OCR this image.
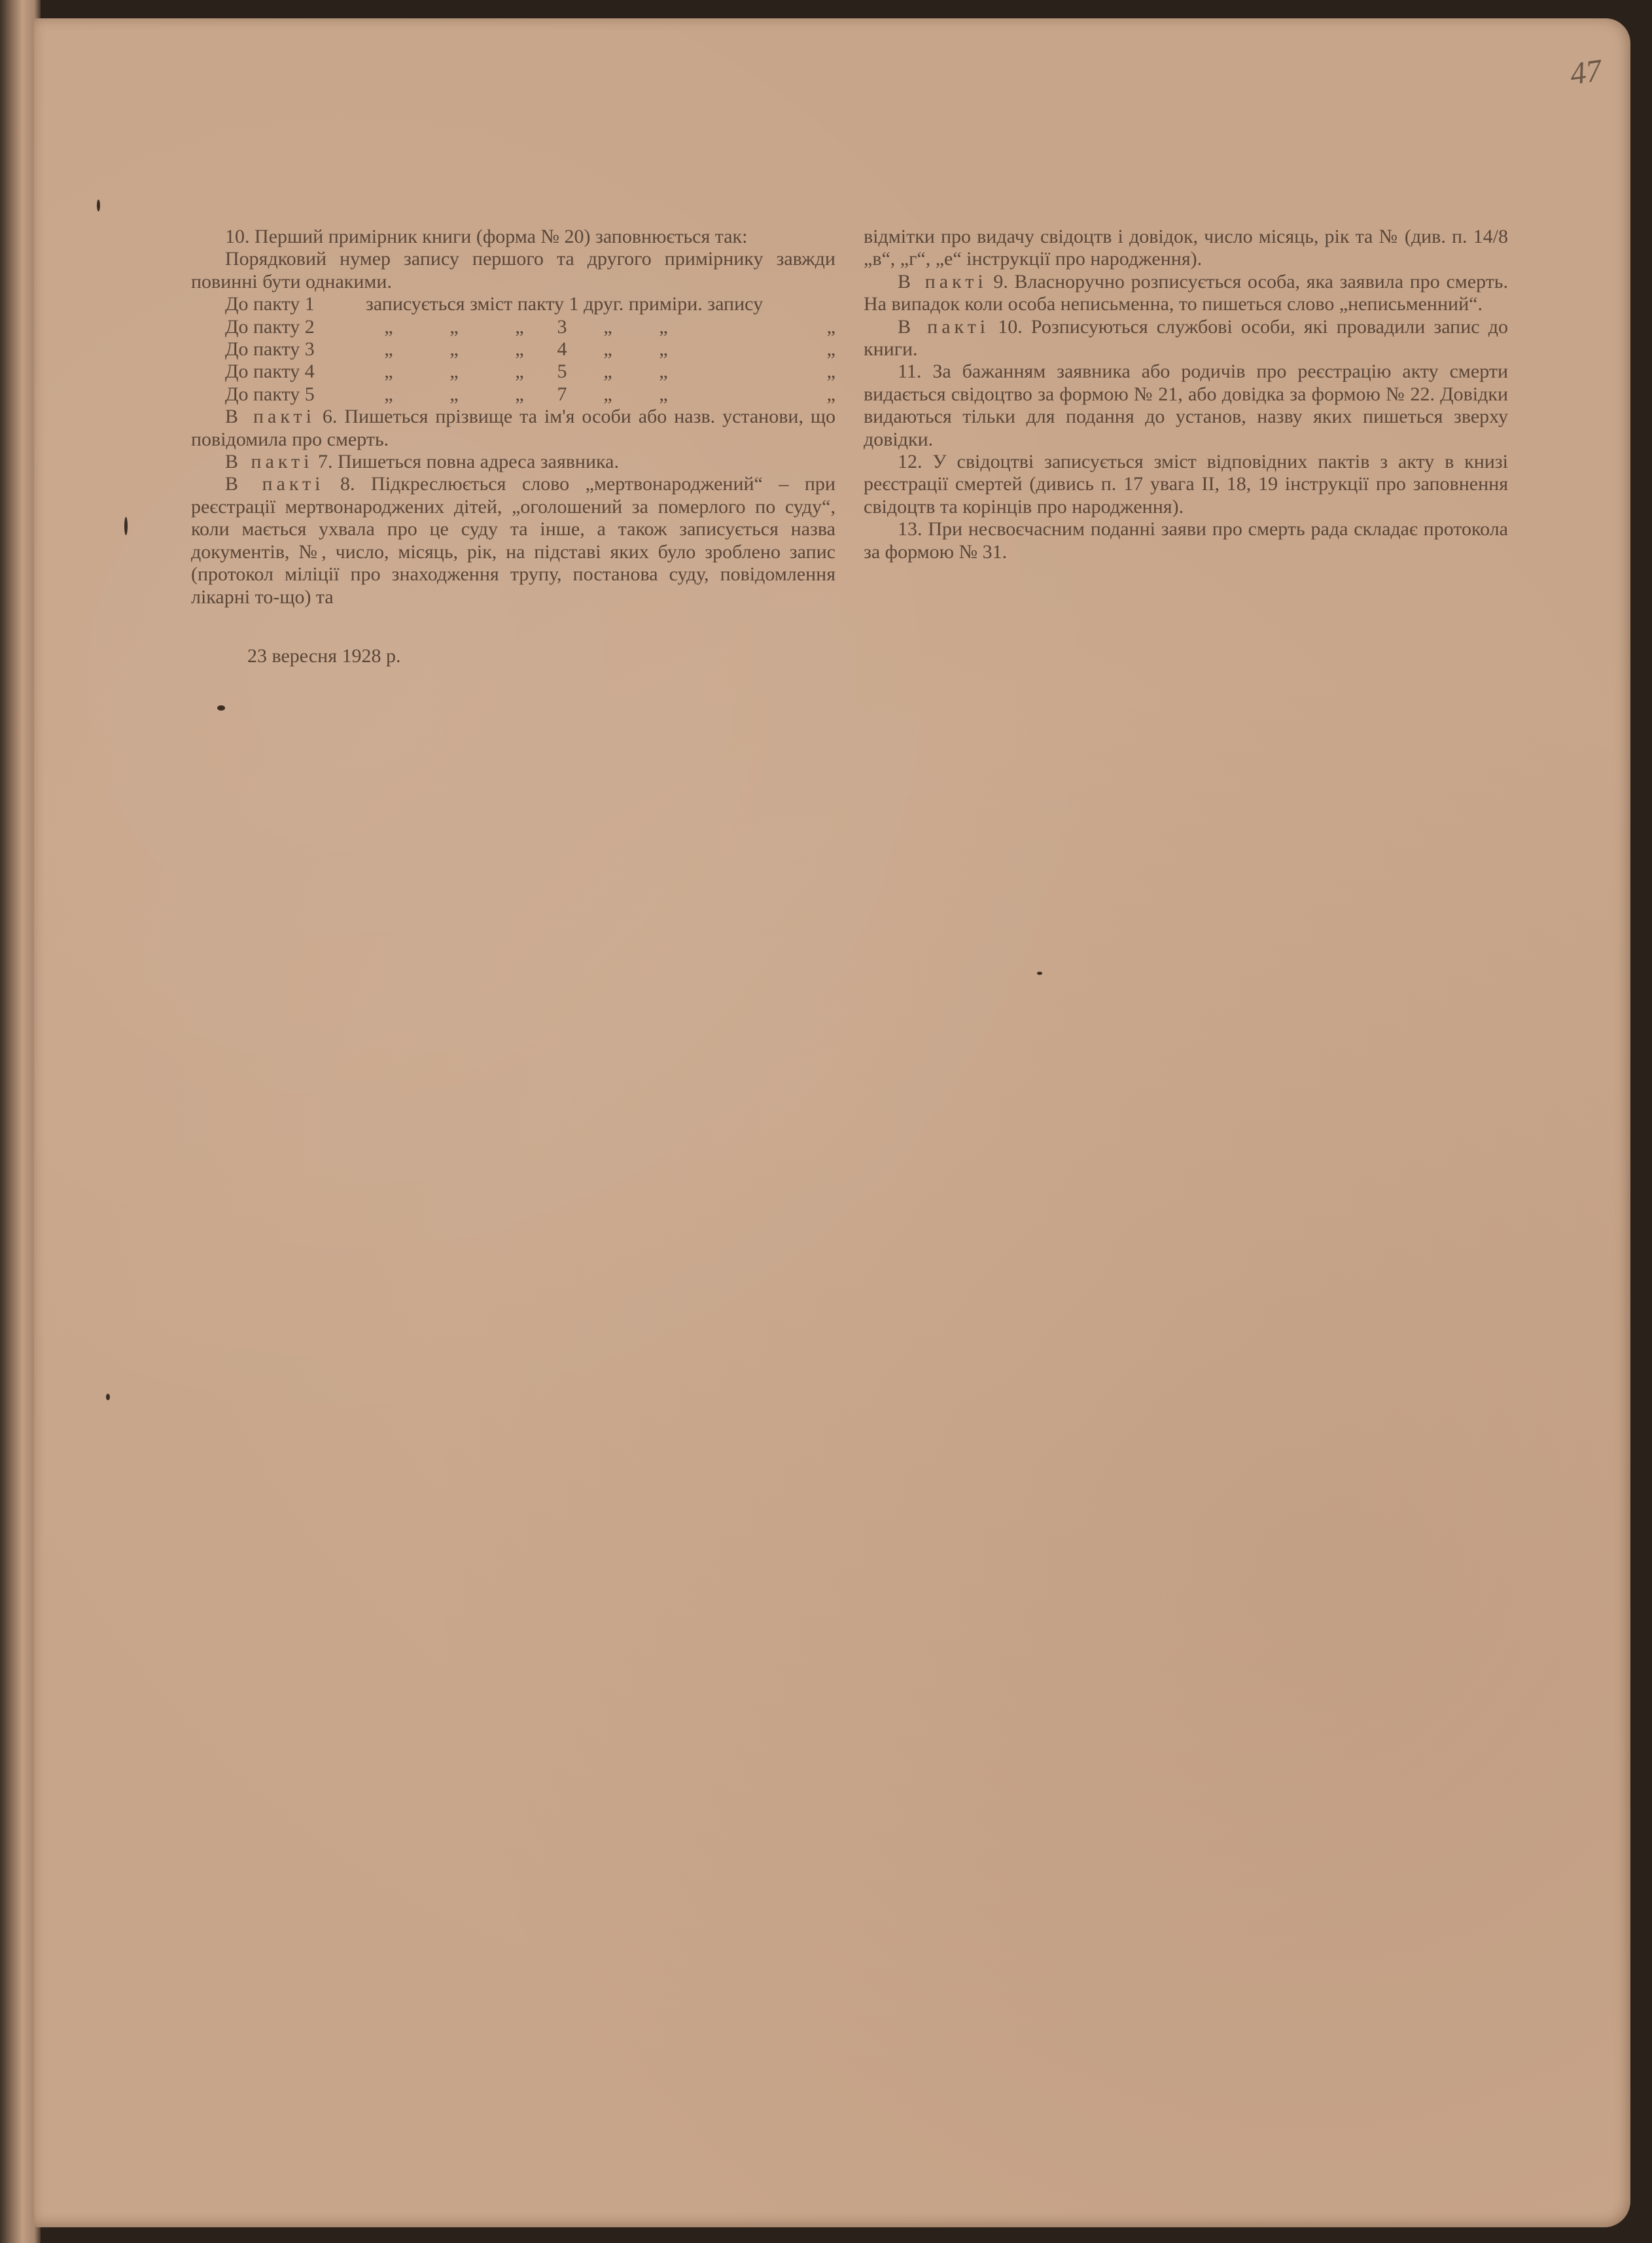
47

10. Перший примірник книги (форма № 20) заповнюється так:

Порядковий нумер запису першого та другого примірнику завжди повинні бути однакими.

До пакту 1	записується зміст пакту 1 друг. приміри. запису						
До пакту 2	„	„	„	3	„	„	„
До пакту 3	„	„	„	4	„	„	„
До пакту 4	„	„	„	5	„	„	„
До пакту 5	„	„	„	7	„	„	„

В пакті 6. Пишеться прізвище та ім'я особи або назв. установи, що повідомила про смерть.

В пакті 7. Пишеться повна адреса заявника.

В пакті 8. Підкреслюється слово „мертвонароджений“ – при реєстрації мертвонароджених дітей, „оголошений за померлого по суду“, коли мається ухвала про це суду та інше, а також записується назва документів, №, число, місяць, рік, на підставі яких було зроблено запис (протокол міліції про знаходження трупу, постанова суду, повідомлення лікарні то-що) та

23 вересня 1928 р.

відмітки про видачу свідоцтв і довідок, число місяць, рік та № (див. п. 14/8 „в“, „г“, „е“ інструкції про народження).

В пакті 9. Власноручно розписується особа, яка заявила про смерть. На випадок коли особа неписьменна, то пишеться слово „неписьменний“.

В пакті 10. Розписуються службові особи, які провадили запис до книги.

11. За бажанням заявника або родичів про реєстрацію акту смерти видається свідоцтво за формою № 21, або довідка за формою № 22. Довідки видаються тільки для подання до установ, назву яких пишеться зверху довідки.

12. У свідоцтві записується зміст відповідних пактів з акту в книзі реєстрації смертей (дивись п. 17 увага II, 18, 19 інструкції про заповнення свідоцтв та корінців про народження).

13. При несвоєчасним поданні заяви про смерть рада складає протокола за формою № 31.
